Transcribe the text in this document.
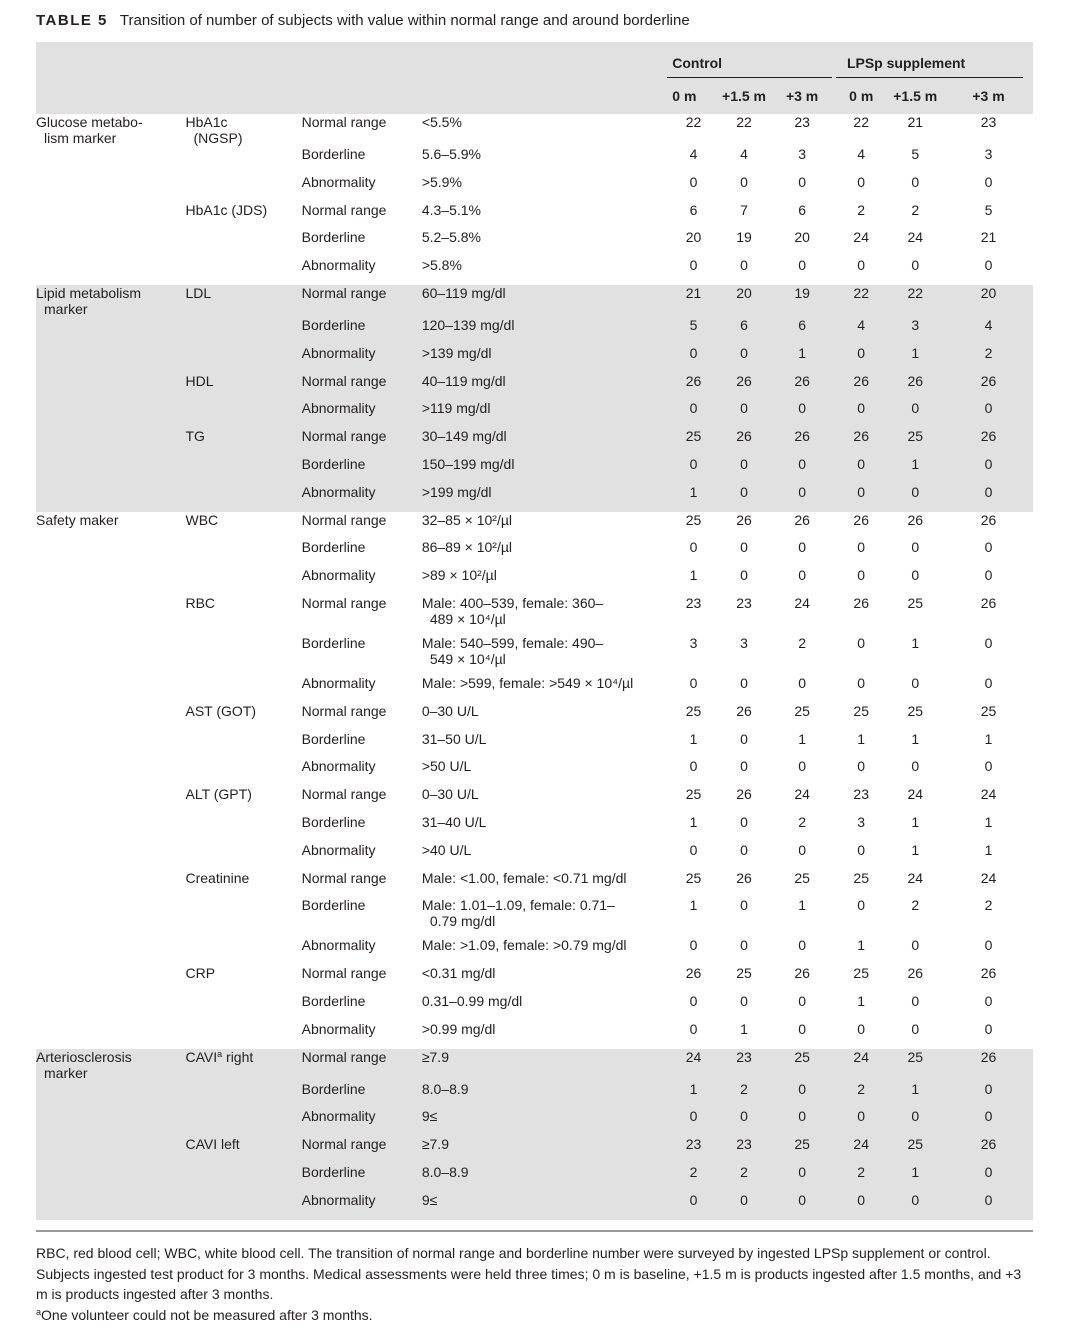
TABLE 5 Transition of number of subjects with value within normal range and around borderline

				Control			LPSp supplement		

				0 m	+1.5 m	+3 m	0 m	+1.5 m	+3 m

Glucose metabo-
lism marker	HbA1c
(NGSP)	Normal range	<5.5%	22	22	23	22	21	23

		Borderline	5.6–5.9%	4	4	3	4	5	3

		Abnormality	>5.9%	0	0	0	0	0	0

	HbA1c (JDS)	Normal range	4.3–5.1%	6	7	6	2	2	5

		Borderline	5.2–5.8%	20	19	20	24	24	21

		Abnormality	>5.8%	0	0	0	0	0	0

Lipid metabolism
marker	LDL	Normal range	60–119 mg/dl	21	20	19	22	22	20

		Borderline	120–139 mg/dl	5	6	6	4	3	4

		Abnormality	>139 mg/dl	0	0	1	0	1	2

	HDL	Normal range	40–119 mg/dl	26	26	26	26	26	26

		Abnormality	>119 mg/dl	0	0	0	0	0	0

	TG	Normal range	30–149 mg/dl	25	26	26	26	25	26

		Borderline	150–199 mg/dl	0	0	0	0	1	0

		Abnormality	>199 mg/dl	1	0	0	0	0	0

Safety maker	WBC	Normal range	32–85 × 10²/µl	25	26	26	26	26	26

		Borderline	86–89 × 10²/µl	0	0	0	0	0	0

		Abnormality	>89 × 10²/µl	1	0	0	0	0	0

	RBC	Normal range	Male: 400–539, female: 360–
489 × 10⁴/µl	23	23	24	26	25	26

		Borderline	Male: 540–599, female: 490–
549 × 10⁴/µl	3	3	2	0	1	0

		Abnormality	Male: >599, female: >549 × 10⁴/µl	0	0	0	0	0	0

	AST (GOT)	Normal range	0–30 U/L	25	26	25	25	25	25

		Borderline	31–50 U/L	1	0	1	1	1	1

		Abnormality	>50 U/L	0	0	0	0	0	0

	ALT (GPT)	Normal range	0–30 U/L	25	26	24	23	24	24

		Borderline	31–40 U/L	1	0	2	3	1	1

		Abnormality	>40 U/L	0	0	0	0	1	1

	Creatinine	Normal range	Male: <1.00, female: <0.71 mg/dl	25	26	25	25	24	24

		Borderline	Male: 1.01–1.09, female: 0.71–
0.79 mg/dl	1	0	1	0	2	2

		Abnormality	Male: >1.09, female: >0.79 mg/dl	0	0	0	1	0	0

	CRP	Normal range	<0.31 mg/dl	26	25	26	25	26	26

		Borderline	0.31–0.99 mg/dl	0	0	0	1	0	0

		Abnormality	>0.99 mg/dl	0	1	0	0	0	0

Arteriosclerosis
marker	CAVI$^a$ right	Normal range	≥7.9	24	23	25	24	25	26

		Borderline	8.0–8.9	1	2	0	2	1	0

		Abnormality	9≤	0	0	0	0	0	0

	CAVI left	Normal range	≥7.9	23	23	25	24	25	26

		Borderline	8.0–8.9	2	2	0	2	1	0

		Abnormality	9≤	0	0	0	0	0	0

RBC, red blood cell; WBC, white blood cell. The transition of normal range and borderline number were surveyed by ingested LPSp supplement or control. Subjects ingested test product for 3 months. Medical assessments were held three times; 0 m is baseline, +1.5 m is products ingested after 1.5 months, and +3 m is products ingested after 3 months.

$^a$One volunteer could not be measured after 3 months.
